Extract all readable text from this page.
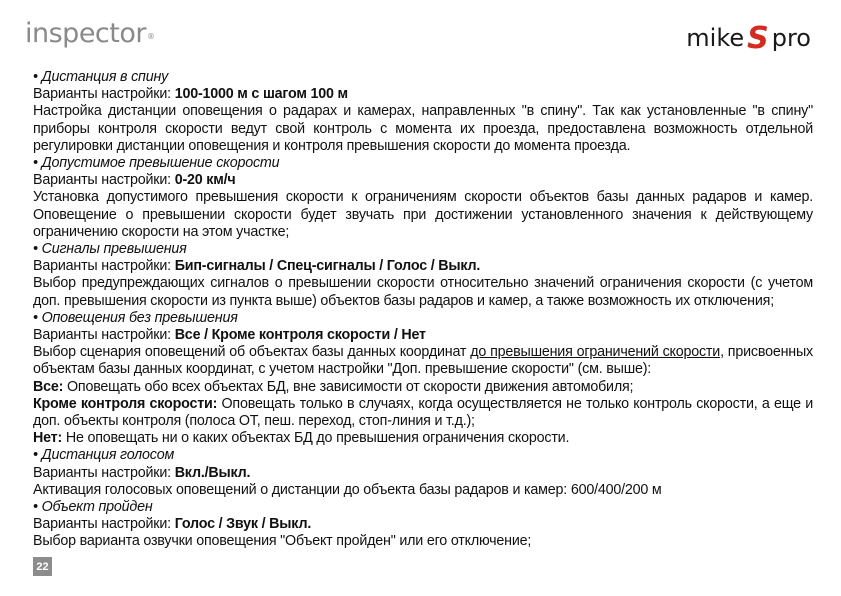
inspector®	mike S pro

• Дистанция в спину

Варианты настройки: 100-1000 м с шагом 100 м

Настройка дистанции оповещения о радарах и камерах, направленных "в спину". Так как установленные "в спину" приборы контроля скорости ведут свой контроль с момента их проезда, предоставлена возможность отдельной регулировки дистанции оповещения и контроля превышения скорости до момента проезда.

• Допустимое превышение скорости

Варианты настройки: 0-20 км/ч

Установка допустимого превышения скорости к ограничениям скорости объектов базы данных радаров и камер. Оповещение о превышении скорости будет звучать при достижении установленного значения к действующему ограничению скорости на этом участке;

• Сигналы превышения

Варианты настройки: Бип-сигналы / Спец-сигналы / Голос / Выкл.

Выбор предупреждающих сигналов о превышении скорости относительно значений ограничения скорости (с учетом доп. превышения скорости из пункта выше) объектов базы радаров и камер, а также возможность их отключения;

• Оповещения без превышения

Варианты настройки: Все / Кроме контроля скорости / Нет

Выбор сценария оповещений об объектах базы данных координат до превышения ограничений скорости, присвоенных объектам базы данных координат, с учетом настройки "Доп. превышение скорости" (см. выше):

Все: Оповещать обо всех объектах БД, вне зависимости от скорости движения автомобиля;

Кроме контроля скорости: Оповещать только в случаях, когда осуществляется не только контроль скорости, а еще и доп. объекты контроля (полоса ОТ, пеш. переход, стоп-линия и т.д.);

Нет: Не оповещать ни о каких объектах БД до превышения ограничения скорости.

• Дистанция голосом

Варианты настройки: Вкл./Выкл.

Активация голосовых оповещений о дистанции до объекта базы радаров и камер: 600/400/200 м

• Объект пройден

Варианты настройки: Голос / Звук / Выкл.

Выбор варианта озвучки оповещения "Объект пройден" или его отключение;

22
